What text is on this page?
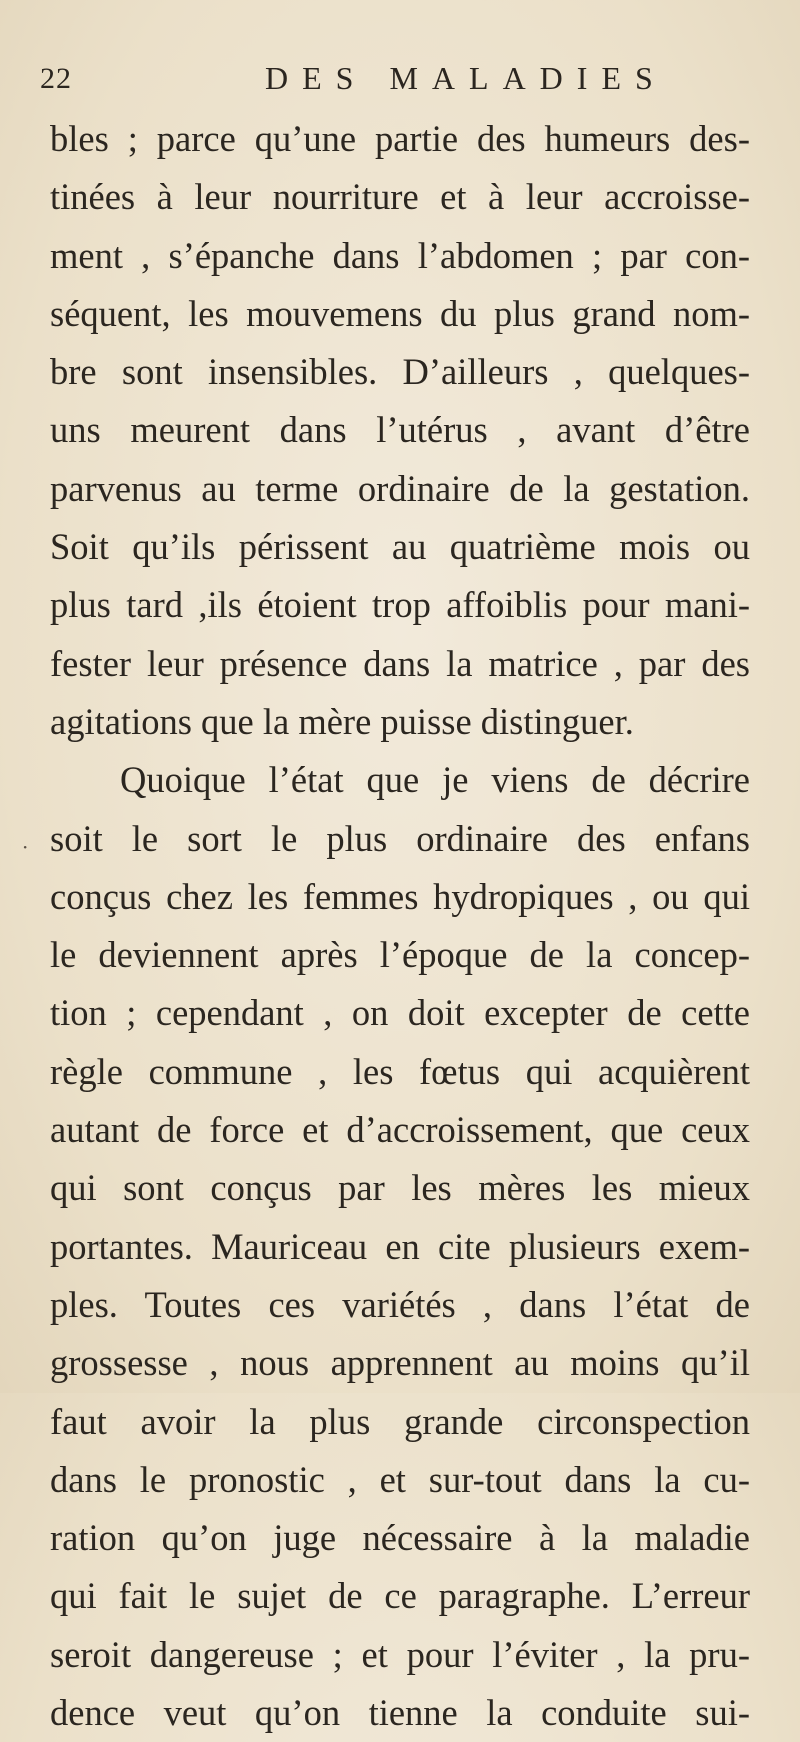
22	DES MALADIES
·
bles ; parce qu’une partie des humeurs des-
tinées à leur nourriture et à leur accroisse-
ment , s’épanche dans l’abdomen ; par con-
séquent, les mouvemens du plus grand nom-
bre sont insensibles. D’ailleurs , quelques-
uns meurent dans l’utérus , avant d’être
parvenus au terme ordinaire de la gestation.
Soit qu’ils périssent au quatrième mois ou
plus tard ,ils étoient trop affoiblis pour mani-
fester leur présence dans la matrice , par des
agitations que la mère puisse distinguer.
Quoique l’état que je viens de décrire
soit le sort le plus ordinaire des enfans
conçus chez les femmes hydropiques , ou qui
le deviennent après l’époque de la concep-
tion ; cependant , on doit excepter de cette
règle commune , les fœtus qui acquièrent
autant de force et d’accroissement, que ceux
qui sont conçus par les mères les mieux
portantes. Mauriceau en cite plusieurs exem-
ples. Toutes ces variétés , dans l’état de
grossesse , nous apprennent au moins qu’il
faut avoir la plus grande circonspection
dans le pronostic , et sur-tout dans la cu-
ration qu’on juge nécessaire à la maladie
qui fait le sujet de ce paragraphe. L’erreur
seroit dangereuse ; et pour l’éviter , la pru-
dence veut qu’on tienne la conduite sui-
